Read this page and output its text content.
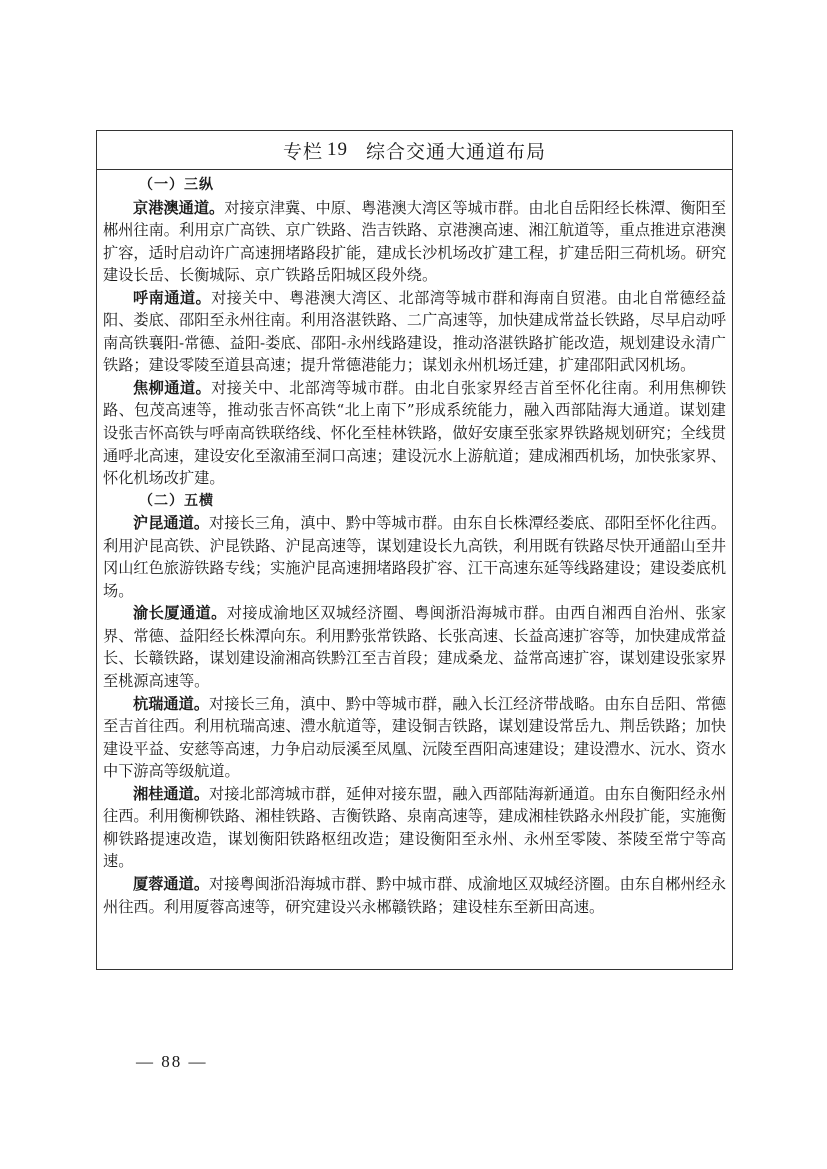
专栏 19 综合交通大通道布局
（一）三纵

京港澳通道。对接京津冀、中原、粤港澳大湾区等城市群。由北自岳阳经长株潭、衡阳至郴州往南。利用京广高铁、京广铁路、浩吉铁路、京港澳高速、湘江航道等，重点推进京港澳扩容，适时启动许广高速拥堵路段扩能，建成长沙机场改扩建工程，扩建岳阳三荷机场。研究建设长岳、长衡城际、京广铁路岳阳城区段外绕。

呼南通道。对接关中、粤港澳大湾区、北部湾等城市群和海南自贸港。由北自常德经益阳、娄底、邵阳至永州往南。利用洛湛铁路、二广高速等，加快建成常益长铁路，尽早启动呼南高铁襄阳-常德、益阳-娄底、邵阳-永州线路建设，推动洛湛铁路扩能改造，规划建设永清广铁路；建设零陵至道县高速；提升常德港能力；谋划永州机场迁建，扩建邵阳武冈机场。

焦柳通道。对接关中、北部湾等城市群。由北自张家界经吉首至怀化往南。利用焦柳铁路、包茂高速等，推动张吉怀高铁“北上南下”形成系统能力，融入西部陆海大通道。谋划建设张吉怀高铁与呼南高铁联络线、怀化至桂林铁路，做好安康至张家界铁路规划研究；全线贯通呼北高速，建设安化至溆浦至洞口高速；建设沅水上游航道；建成湘西机场，加快张家界、怀化机场改扩建。

（二）五横

沪昆通道。对接长三角，滇中、黔中等城市群。由东自长株潭经娄底、邵阳至怀化往西。利用沪昆高铁、沪昆铁路、沪昆高速等，谋划建设长九高铁，利用既有铁路尽快开通韶山至井冈山红色旅游铁路专线；实施沪昆高速拥堵路段扩容、江干高速东延等线路建设；建设娄底机场。

渝长厦通道。对接成渝地区双城经济圈、粤闽浙沿海城市群。由西自湘西自治州、张家界、常德、益阳经长株潭向东。利用黔张常铁路、长张高速、长益高速扩容等，加快建成常益长、长赣铁路，谋划建设渝湘高铁黔江至吉首段；建成桑龙、益常高速扩容，谋划建设张家界至桃源高速等。

杭瑞通道。对接长三角，滇中、黔中等城市群，融入长江经济带战略。由东自岳阳、常德至吉首往西。利用杭瑞高速、澧水航道等，建设铜吉铁路，谋划建设常岳九、荆岳铁路；加快建设平益、安慈等高速，力争启动辰溪至凤凰、沅陵至酉阳高速建设；建设澧水、沅水、资水中下游高等级航道。

湘桂通道。对接北部湾城市群，延伸对接东盟，融入西部陆海新通道。由东自衡阳经永州往西。利用衡柳铁路、湘桂铁路、吉衡铁路、泉南高速等，建成湘桂铁路永州段扩能，实施衡柳铁路提速改造，谋划衡阳铁路枢纽改造；建设衡阳至永州、永州至零陵、茶陵至常宁等高速。

厦蓉通道。对接粤闽浙沿海城市群、黔中城市群、成渝地区双城经济圈。由东自郴州经永州往西。利用厦蓉高速等，研究建设兴永郴赣铁路；建设桂东至新田高速。

— 88 —
